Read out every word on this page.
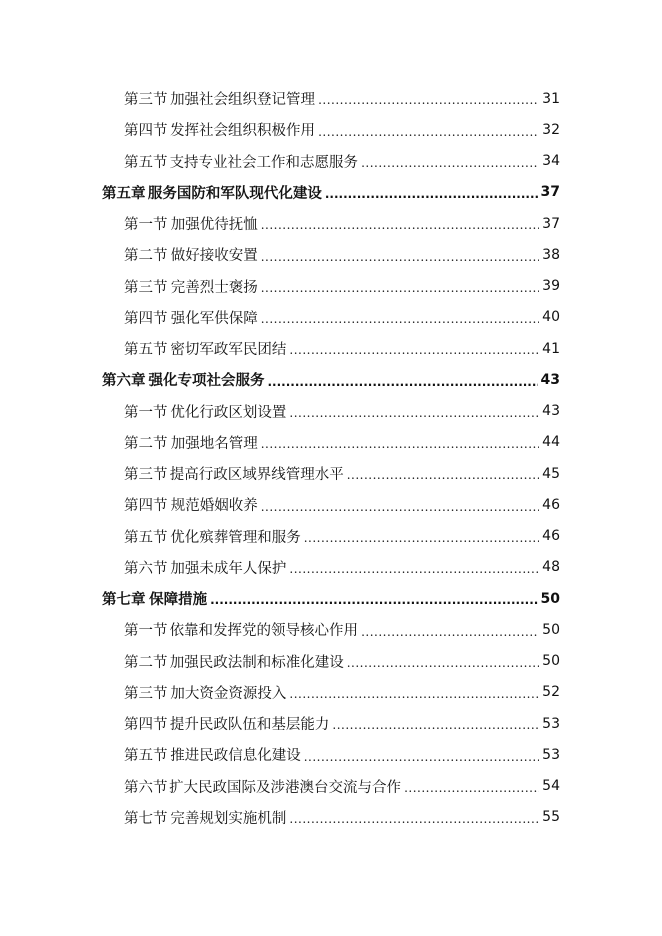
第三节 加强社会组织登记管理 .....	31
第四节 发挥社会组织积极作用 .....	32
第五节 支持专业社会工作和志愿服务 .....	34
第五章 服务国防和军队现代化建设 .....	37
第一节 加强优待抚恤 .....	37
第二节 做好接收安置 .....	38
第三节 完善烈士褒扬 .....	39
第四节 强化军供保障 .....	40
第五节 密切军政军民团结 .....	41
第六章 强化专项社会服务 .....	43
第一节 优化行政区划设置 .....	43
第二节 加强地名管理 .....	44
第三节 提高行政区域界线管理水平 .....	45
第四节 规范婚姻收养 .....	46
第五节 优化殡葬管理和服务 .....	46
第六节 加强未成年人保护 .....	48
第七章 保障措施 .....	50
第一节 依靠和发挥党的领导核心作用 .....	50
第二节 加强民政法制和标准化建设 .....	50
第三节 加大资金资源投入 .....	52
第四节 提升民政队伍和基层能力 .....	53
第五节 推进民政信息化建设 .....	53
第六节 扩大民政国际及涉港澳台交流与合作 .....	54
第七节 完善规划实施机制 .....	55
